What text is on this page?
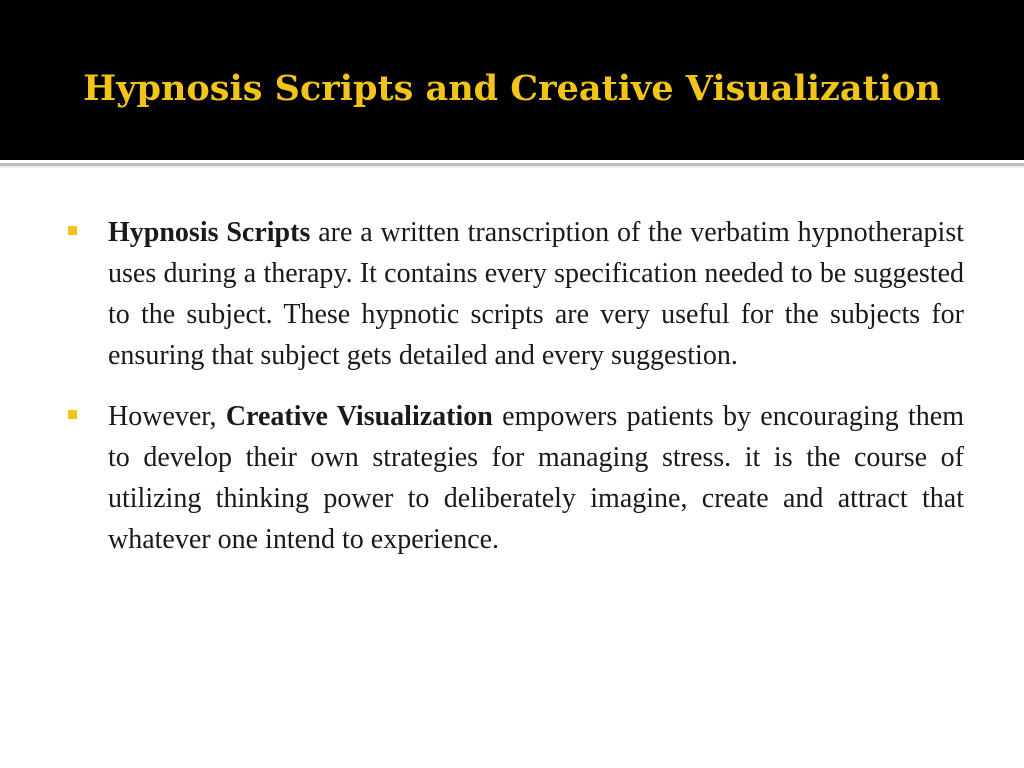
Hypnosis Scripts and Creative Visualization

Hypnosis Scripts are a written transcription of the verbatim hypnotherapist uses during a therapy. It contains every specification needed to be suggested to the subject. These hypnotic scripts are very useful for the subjects for ensuring that subject gets detailed and every suggestion.

However, Creative Visualization empowers patients by encouraging them to develop their own strategies for managing stress. it is the course of utilizing thinking power to deliberately imagine, create and attract that whatever one intend to experience.
